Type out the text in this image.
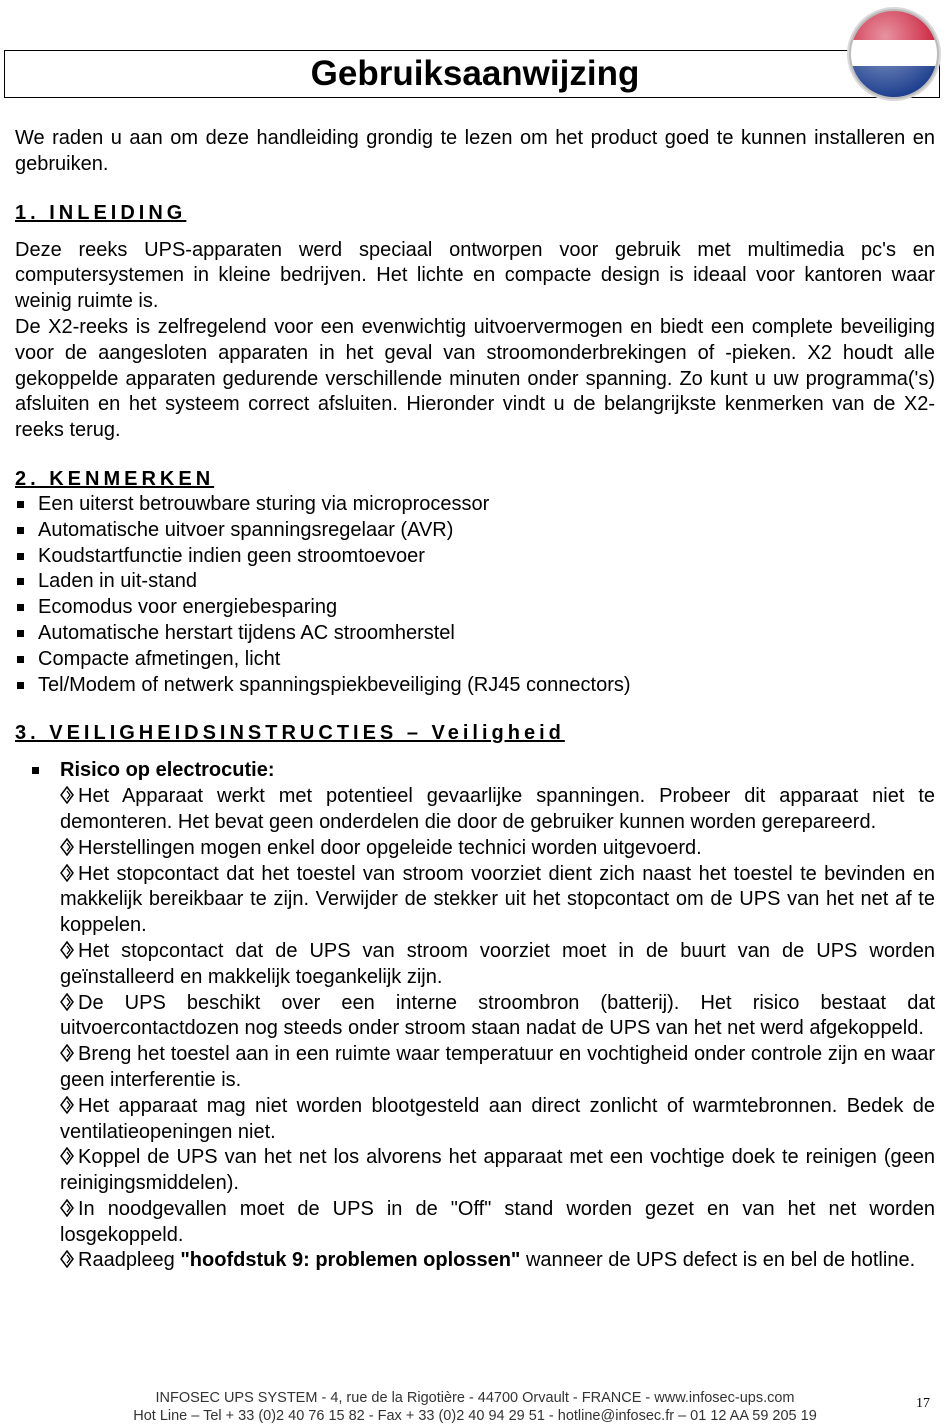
Gebruiksaanwijzing

We raden u aan om deze handleiding grondig te lezen om het product goed te kunnen installeren en gebruiken.

1. INLEIDING

Deze reeks UPS-apparaten werd speciaal ontworpen voor gebruik met multimedia pc's en computersystemen in kleine bedrijven. Het lichte en compacte design is ideaal voor kantoren waar weinig ruimte is.

De X2-reeks is zelfregelend voor een evenwichtig uitvoervermogen en biedt een complete beveiliging voor de aangesloten apparaten in het geval van stroomonderbrekingen of -pieken. X2 houdt alle gekoppelde apparaten gedurende verschillende minuten onder spanning. Zo kunt u uw programma('s) afsluiten en het systeem correct afsluiten. Hieronder vindt u de belangrijkste kenmerken van de X2-reeks terug.

2. KENMERKEN
Een uiterst betrouwbare sturing via microprocessor
Automatische uitvoer spanningsregelaar (AVR)
Koudstartfunctie indien geen stroomtoevoer
Laden in uit-stand
Ecomodus voor energiebesparing
Automatische herstart tijdens AC stroomherstel
Compacte afmetingen, licht
Tel/Modem of netwerk spanningspiekbeveiliging (RJ45 connectors)
3. VEILIGHEIDSINSTRUCTIES – Veiligheid
Risico op electrocutie:
Het Apparaat werkt met potentieel gevaarlijke spanningen. Probeer dit apparaat niet te demonteren. Het bevat geen onderdelen die door de gebruiker kunnen worden gerepareerd.
Herstellingen mogen enkel door opgeleide technici worden uitgevoerd.
Het stopcontact dat het toestel van stroom voorziet dient zich naast het toestel te bevinden en makkelijk bereikbaar te zijn. Verwijder de stekker uit het stopcontact om de UPS van het net af te koppelen.
Het stopcontact dat de UPS van stroom voorziet moet in de buurt van de UPS worden geïnstalleerd en makkelijk toegankelijk zijn.
De UPS beschikt over een interne stroombron (batterij). Het risico bestaat dat uitvoercontactdozen nog steeds onder stroom staan nadat de UPS van het net werd afgekoppeld.
Breng het toestel aan in een ruimte waar temperatuur en vochtigheid onder controle zijn en waar geen interferentie is.
Het apparaat mag niet worden blootgesteld aan direct zonlicht of warmtebronnen. Bedek de ventilatieopeningen niet.
Koppel de UPS van het net los alvorens het apparaat met een vochtige doek te reinigen (geen reinigingsmiddelen).
In noodgevallen moet de UPS in de "Off" stand worden gezet en van het net worden losgekoppeld.
Raadpleeg "hoofdstuk 9: problemen oplossen" wanneer de UPS defect is en bel de hotline.
INFOSEC UPS SYSTEM - 4, rue de la Rigotière - 44700 Orvault - FRANCE - www.infosec-ups.com
Hot Line – Tel + 33 (0)2 40 76 15 82 - Fax + 33 (0)2 40 94 29 51 - hotline@infosec.fr – 01 12 AA 59 205 19
17
